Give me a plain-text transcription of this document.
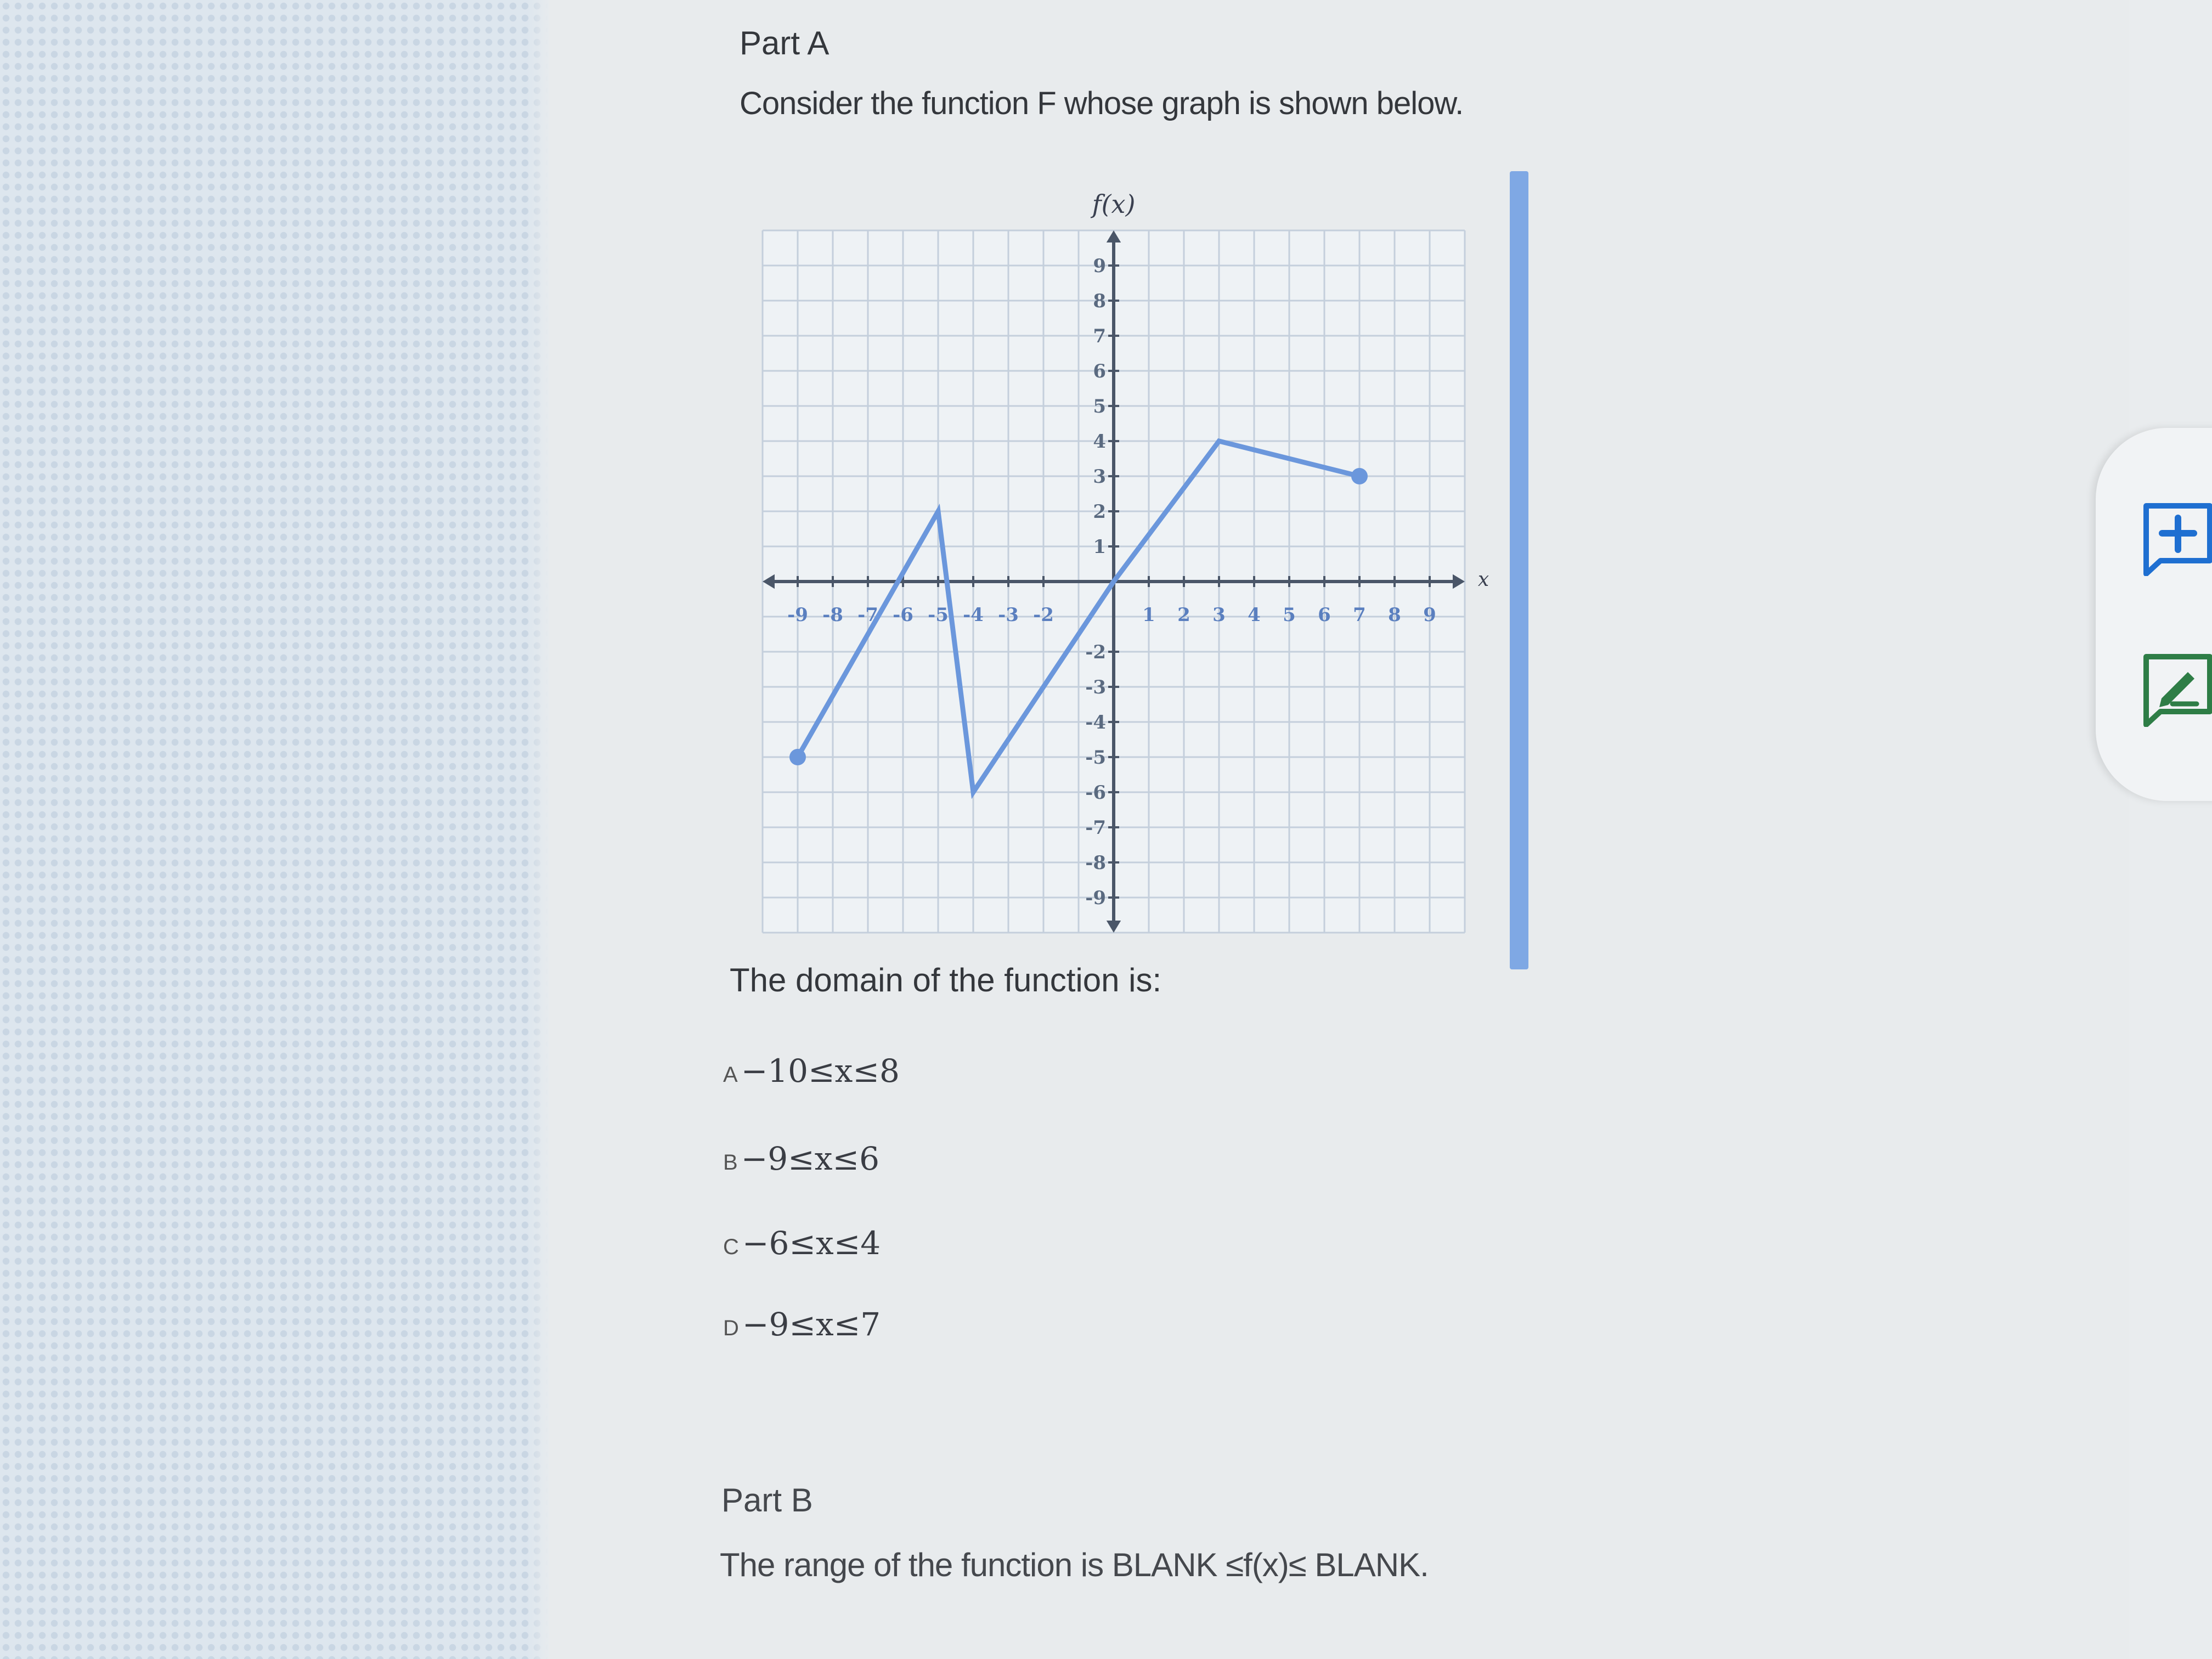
Part A
Consider the function F whose graph is shown below.
-9 -8 -7 -6 -5 -4 -3 -2	1 2 3 4 5 6 7 8 9
9
8
7
6
5
4
3
2
1
-2
-3
-4
-5
-6
-7
-8
-9
f(x)
x
The domain of the function is:
A −10≤x≤8
B −9≤x≤6
C −6≤x≤4
D −9≤x≤7
Part B
The range of the function is BLANK ≤f(x)≤ BLANK.
